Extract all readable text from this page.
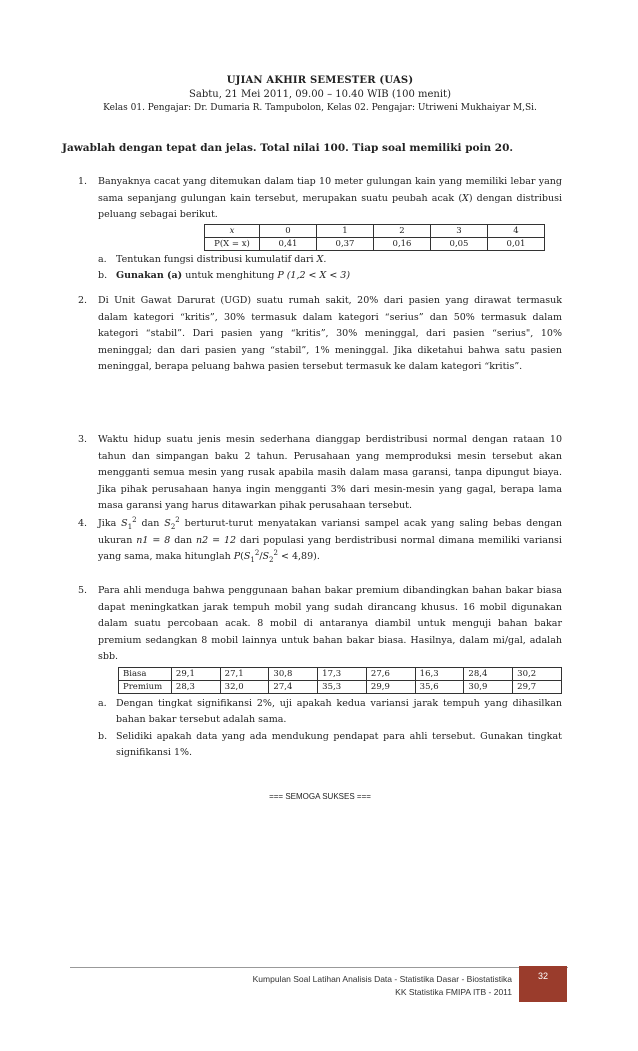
UJIAN AKHIR SEMESTER (UAS)
Sabtu, 21 Mei 2011, 09.00 – 10.40 WIB (100 menit)
Kelas 01. Pengajar: Dr. Dumaria R. Tampubolon, Kelas 02. Pengajar: Utriweni Mukhaiyar M,Si.
Jawablah dengan tepat dan jelas. Total nilai 100. Tiap soal memiliki poin 20.
1. Banyaknya cacat yang ditemukan dalam tiap 10 meter gulungan kain yang memiliki lebar yang sama sepanjang gulungan kain tersebut, merupakan suatu peubah acak (X) dengan distribusi peluang sebagai berikut.
x	0	1	2	3	4
P(X = x)	0,41	0,37	0,16	0,05	0,01
a. Tentukan fungsi distribusi kumulatif dari X.
b. Gunakan (a) untuk menghitung P (1,2 < X < 3)
2. Di Unit Gawat Darurat (UGD) suatu rumah sakit, 20% dari pasien yang dirawat termasuk dalam kategori “kritis”, 30% termasuk dalam kategori “serius” dan 50% termasuk dalam kategori “stabil”. Dari pasien yang “kritis”, 30% meninggal, dari pasien “serius", 10% meninggal; dan dari pasien yang “stabil”, 1% meninggal. Jika diketahui bahwa satu pasien meninggal, berapa peluang bahwa pasien tersebut termasuk ke dalam kategori “kritis”.
3. Waktu hidup suatu jenis mesin sederhana dianggap berdistribusi normal dengan rataan 10 tahun dan simpangan baku 2 tahun. Perusahaan yang memproduksi mesin tersebut akan mengganti semua mesin yang rusak apabila masih dalam masa garansi, tanpa dipungut biaya. Jika pihak perusahaan hanya ingin mengganti 3% dari mesin-mesin yang gagal, berapa lama masa garansi yang harus ditawarkan pihak perusahaan tersebut.
4. Jika $S_1^2$ dan $S_2^2$ berturut-turut menyatakan variansi sampel acak yang saling bebas dengan ukuran n1 = 8 dan n2 = 12 dari populasi yang berdistribusi normal dimana memiliki variansi yang sama, maka hitunglah $P(S_1^2/S_2^2 < 4,89)$.
5. Para ahli menduga bahwa penggunaan bahan bakar premium dibandingkan bahan bakar biasa dapat meningkatkan jarak tempuh mobil yang sudah dirancang khusus. 16 mobil digunakan dalam suatu percobaan acak. 8 mobil di antaranya diambil untuk menguji bahan bakar premium sedangkan 8 mobil lainnya untuk bahan bakar biasa. Hasilnya, dalam mi/gal, adalah sbb.
Biasa	29,1	27,1	30,8	17,3	27,6	16,3	28,4	30,2
Premium	28,3	32,0	27,4	35,3	29,9	35,6	30,9	29,7
a. Dengan tingkat signifikansi 2%, uji apakah kedua variansi jarak tempuh yang dihasilkan bahan bakar tersebut adalah sama.
b. Selidiki apakah data yang ada mendukung pendapat para ahli tersebut. Gunakan tingkat signifikansi 1%.
=== SEMOGA SUKSES ===
Kumpulan Soal Latihan Analisis Data - Statistika Dasar - Biostatistika
KK Statistika FMIPA ITB - 2011
32
